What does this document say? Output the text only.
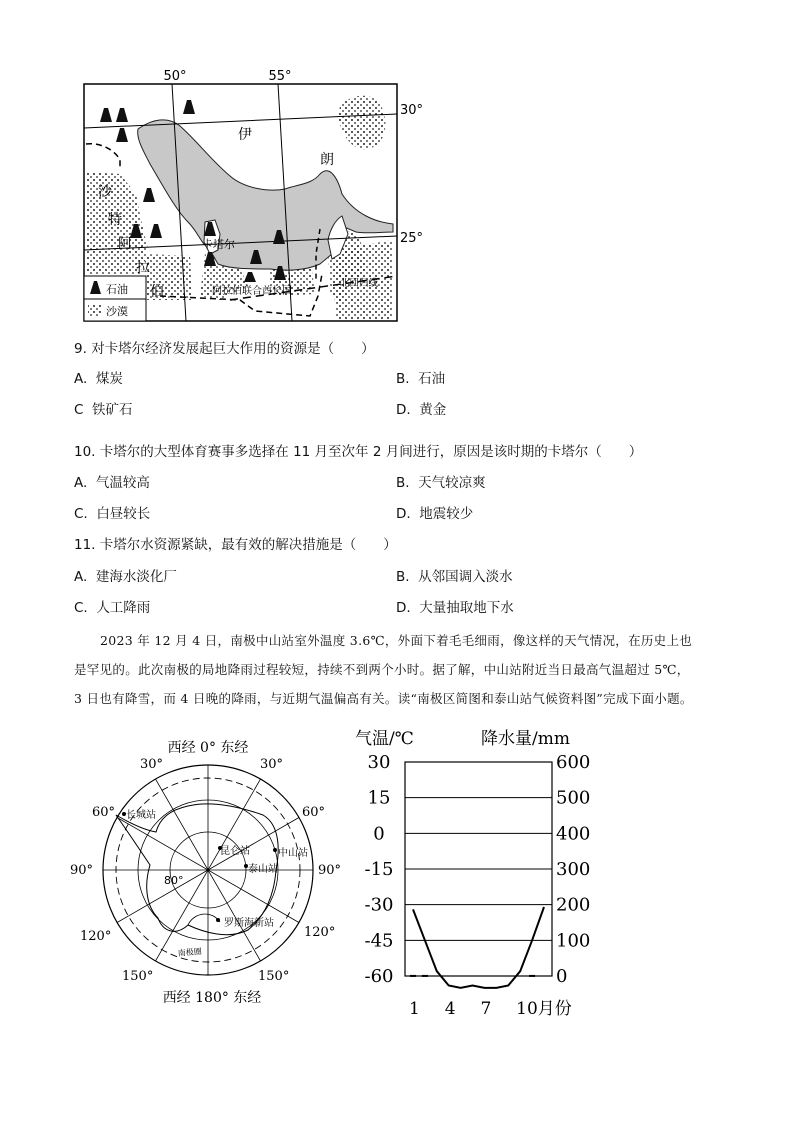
50°	55°
30°
25°
伊
朗
沙
特
阿
拉
伯
卡塔尔
阿拉伯联合酋长国
北回归线
石油
沙漠
9. 对卡塔尔经济发展起巨大作用的资源是（　　）
A. 煤炭	B. 石油
C 铁矿石	D. 黄金
10. 卡塔尔的大型体育赛事多选择在 11 月至次年 2 月间进行，原因是该时期的卡塔尔（　　）
A. 气温较高	B. 天气较凉爽
C. 白昼较长	D. 地震较少
11. 卡塔尔水资源紧缺，最有效的解决措施是（　　）
A. 建海水淡化厂	B. 从邻国调入淡水
C. 人工降雨	D. 大量抽取地下水
2023 年 12 月 4 日，南极中山站室外温度 3.6℃，外面下着毛毛细雨，像这样的天气情况，在历史上也
是罕见的。此次南极的局地降雨过程较短，持续不到两个小时。据了解，中山站附近当日最高气温超过 5℃，
3 日也有降雪，而 4 日晚的降雨，与近期气温偏高有关。读“南极区简图和泰山站气候资料图”完成下面小题。
长城站
昆仑站	中山站
泰山站
罗斯海新站
80°
南极圈
西经 0° 东经
西经 180° 东经
30°	30°
60°	60°
90°	90°
120°	120°
150°	150°
气温/℃	降水量/mm
30
15
0
-15
-30
-45
-60
600
500
400
300
200
100
0
1 4 7 10月份
